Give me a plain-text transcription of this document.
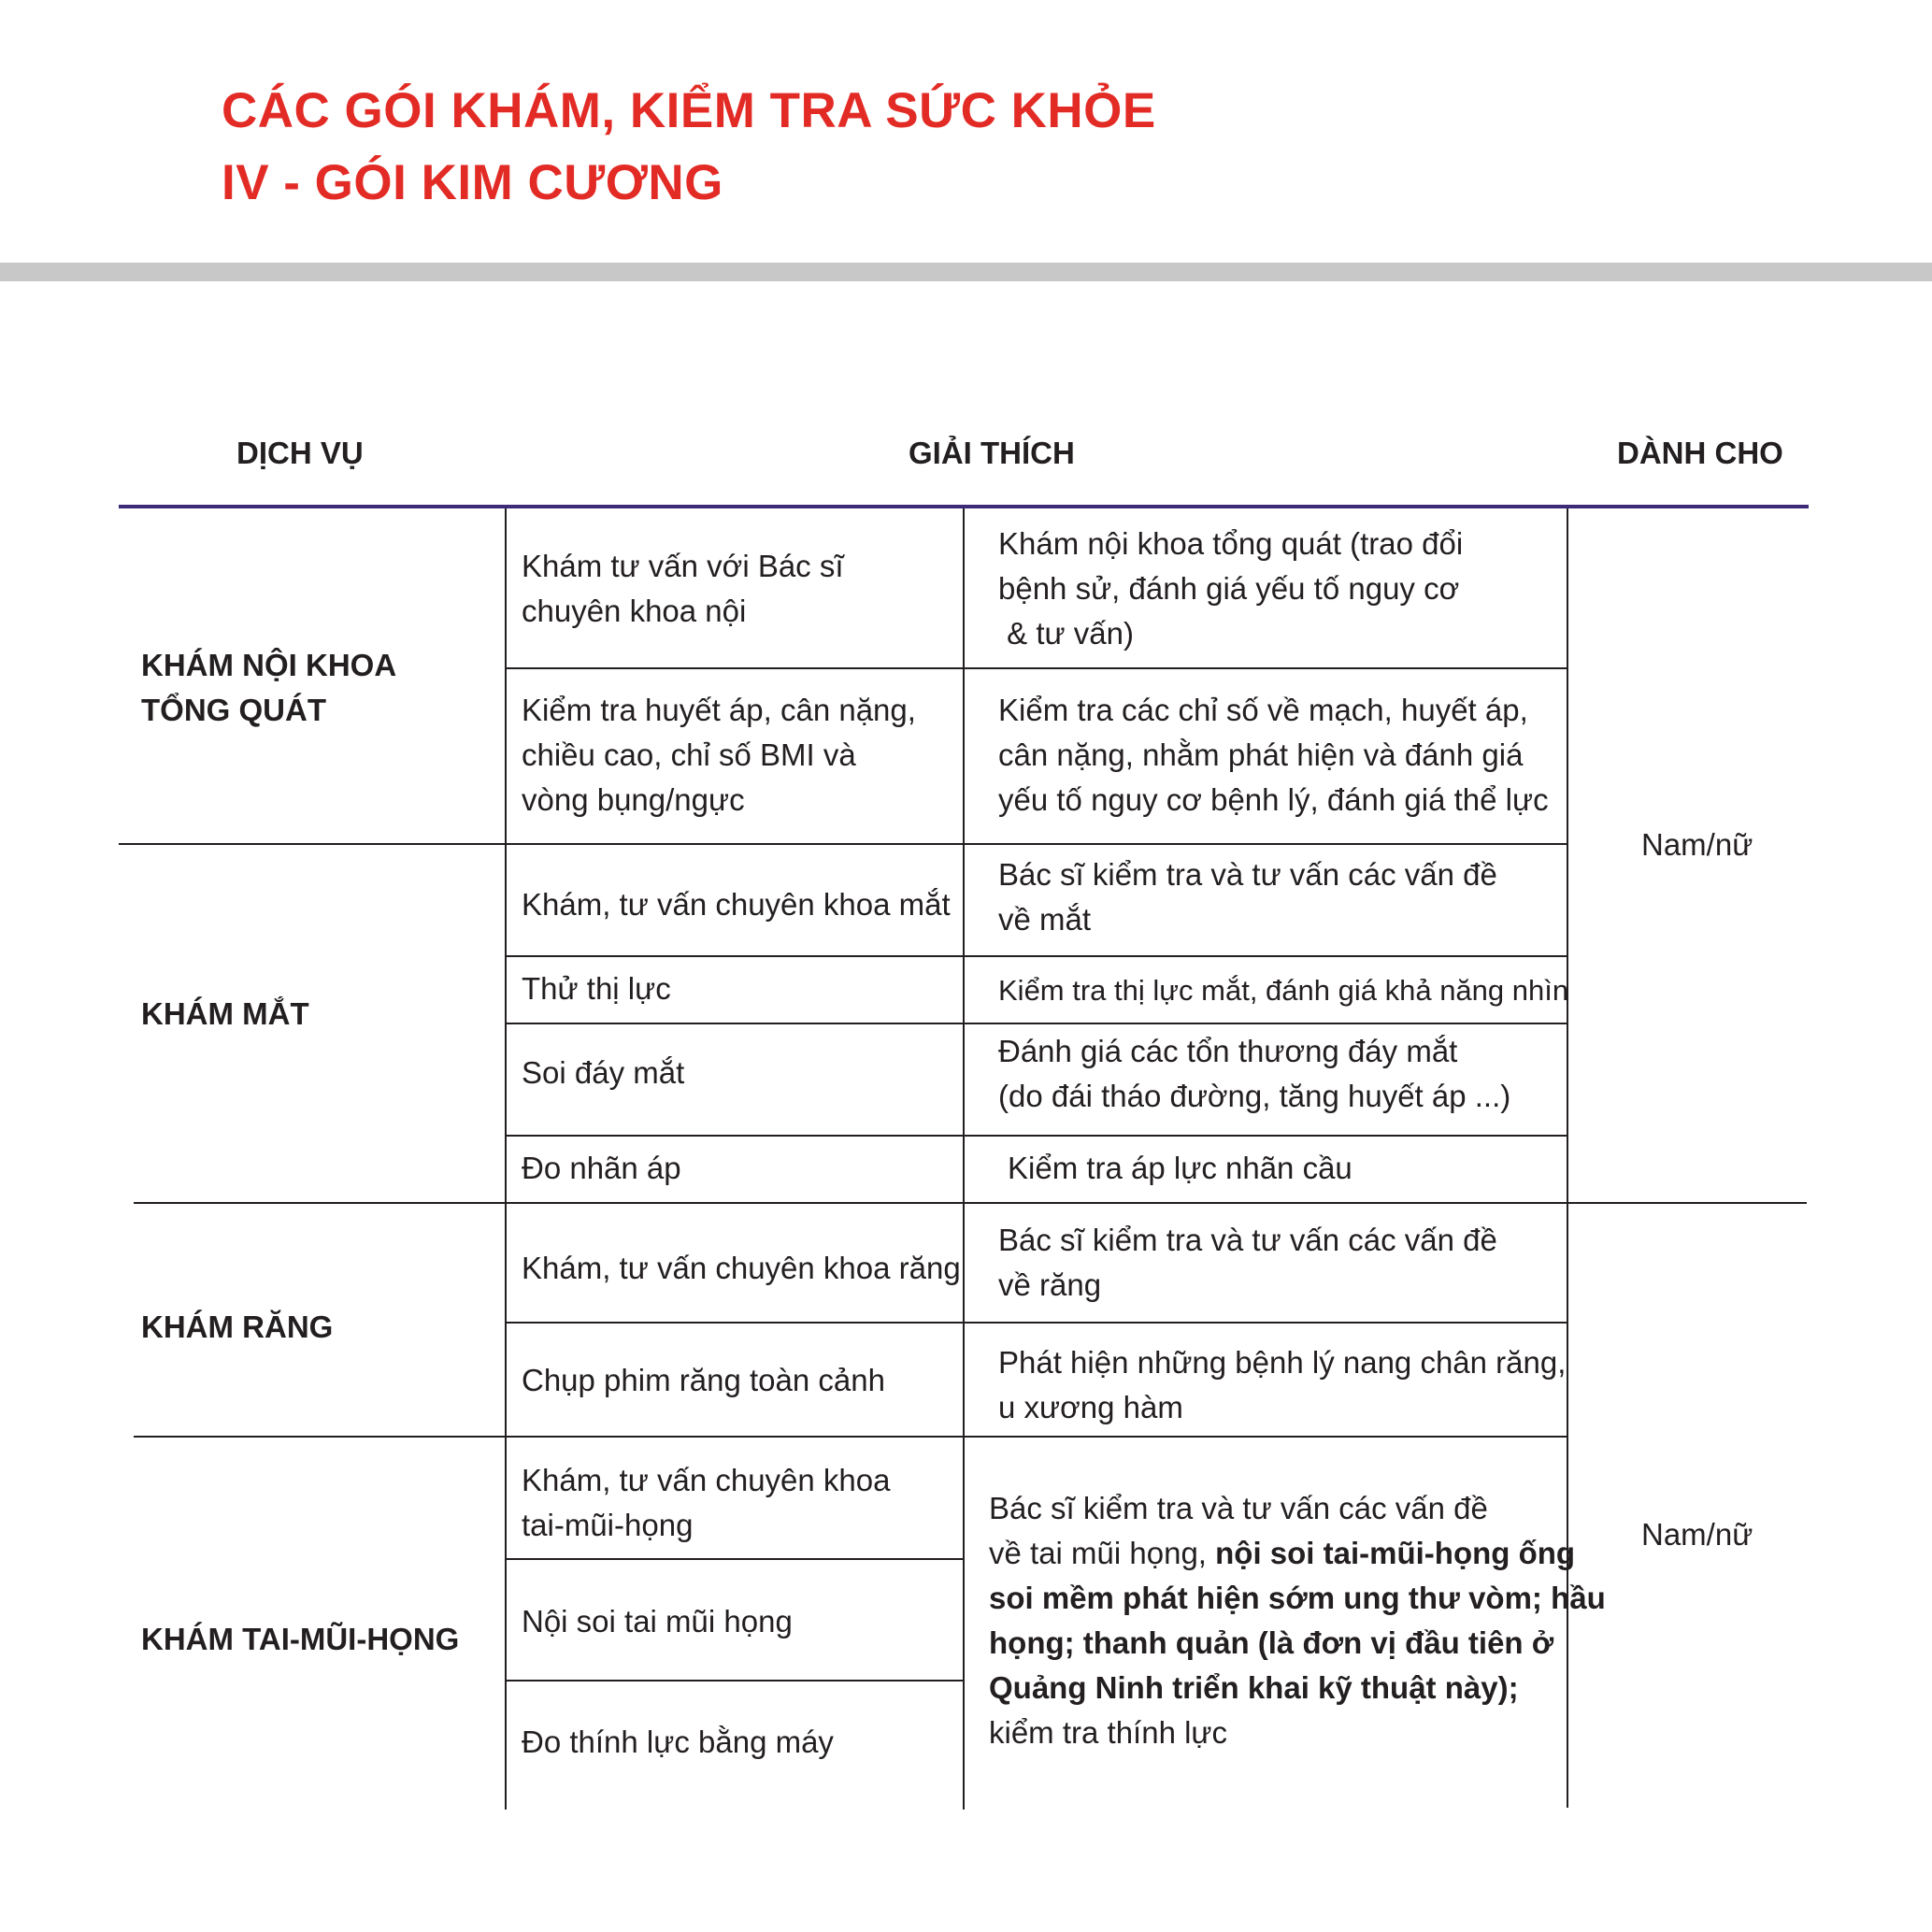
CÁC GÓI KHÁM, KIỂM TRA SỨC KHỎE
IV - GÓI KIM CƯƠNG
DỊCH VỤ	GIẢI THÍCH	DÀNH CHO
KHÁM NỘI KHOA
TỔNG QUÁT
KHÁM MẮT
KHÁM RĂNG
KHÁM TAI-MŨI-HỌNG
Khám tư vấn với Bác sĩ
chuyên khoa nội
Kiểm tra huyết áp, cân nặng,
chiều cao, chỉ số BMI và
vòng bụng/ngực
Khám, tư vấn chuyên khoa mắt
Thử thị lực
Soi đáy mắt
Đo nhãn áp
Khám, tư vấn chuyên khoa răng
Chụp phim răng toàn cảnh
Khám, tư vấn chuyên khoa
tai-mũi-họng
Nội soi tai mũi họng
Đo thính lực bằng máy
Khám nội khoa tổng quát (trao đổi
bệnh sử, đánh giá yếu tố nguy cơ
& tư vấn)
Kiểm tra các chỉ số về mạch, huyết áp,
cân nặng, nhằm phát hiện và đánh giá
yếu tố nguy cơ bệnh lý, đánh giá thể lực
Bác sĩ kiểm tra và tư vấn các vấn đề
về mắt
Kiểm tra thị lực mắt, đánh giá khả năng nhìn
Đánh giá các tổn thương đáy mắt
(do đái tháo đường, tăng huyết áp ...)
Kiểm tra áp lực nhãn cầu
Bác sĩ kiểm tra và tư vấn các vấn đề
về răng
Phát hiện những bệnh lý nang chân răng,
u xương hàm
Bác sĩ kiểm tra và tư vấn các vấn đề
về tai mũi họng, nội soi tai-mũi-họng ống
soi mềm phát hiện sớm ung thư vòm; hầu
họng; thanh quản (là đơn vị đầu tiên ở
Quảng Ninh triển khai kỹ thuật này);
kiểm tra thính lực
Nam/nữ
Nam/nữ
